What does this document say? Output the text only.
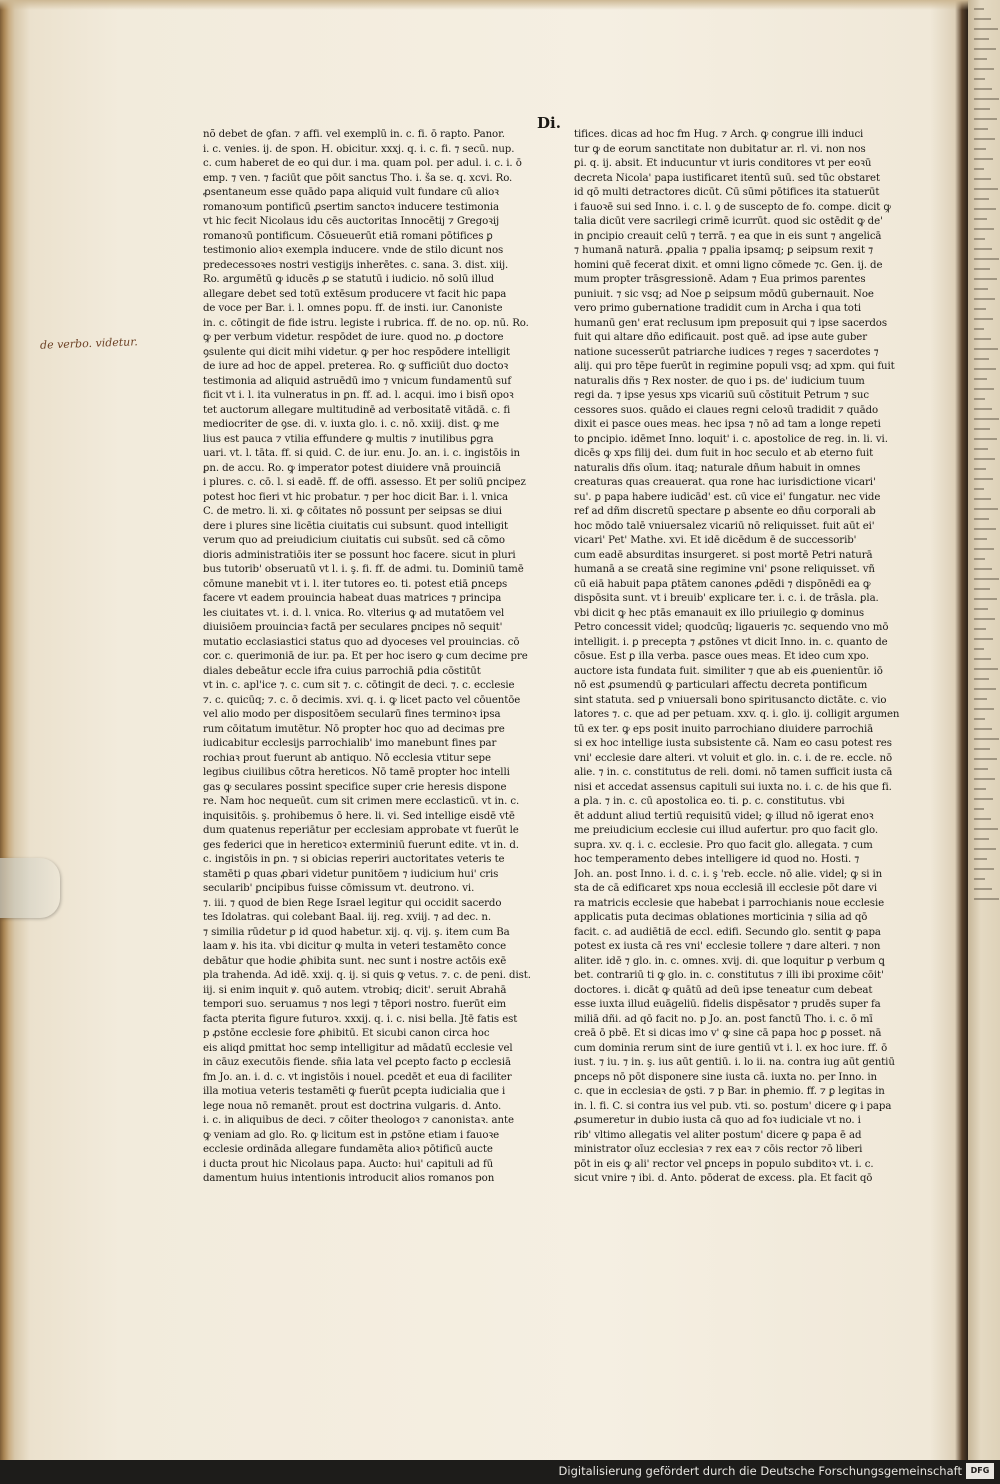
Di.

de verbo. videtur.

nõ debet de ꝯfan. ⁊ affi. vel exemplū in. c. fi. ō rapto. Panor.
i. c. venies. ij. de spon. H. obicitur. xxxj. q. i. c. fi. ⁊ secū. nup.
c. cum haberet de eo qui dur. i ma. quam pol. per adul. i. c. i. ō
emp. ⁊ ven. ⁊ faciūt que pōit sanctus Tho. i. ša se. q. xcvi. Ro.
ꝓsentaneum esse quādo papa aliquid vult fundare cū alioꝛ
romanoꝛum pontificū ꝓsertim sanctoꝛ inducere testimonia
vt hic fecit Nicolaus idu cēs auctoritas Innocētij ⁊ Gregoꝛij
romanoꝛū pontificum. Cōsueuerūt etiā romani pōtifices ꝑ
testimonio alioꝛ exempla inducere. vnde de stilo dicunt nos
predecessoꝛes nostri vestigijs inherētes. c. sana. 3. dist. xiij.
Ro. argumētū ꝙ iducēs ꝓ se statutū i iudicio. nō solū illud
allegare debet sed totū extēsum producere vt facit hic papa
de voce per Bar. i. l. omnes popu. ff. de insti. iur. Canoniste
in. c. cōtingit de fide istru. legiste i rubrica. ff. de no. op. nū. Ro.
ꝙ per verbum videtur. respōdet de iure. quod no. ꝓ doctore
ꝯsulente qui dicit mihi videtur. ꝙ per hoc respōdere intelligit
de iure ad hoc de appel. preterea. Ro. ꝙ sufficiūt duo doctoꝛ
testimonia ad aliquid astruēdū imo ⁊ vnicum fundamentū suf
ficit vt i. l. ita vulneratus in ꝑn. ff. ad. l. acqui. imo i bisñ opoꝛ
tet auctorum allegare multitudinē ad verbositatē vitādā. c. fi
mediocriter de ꝯse. di. v. iuxta glo. i. c. nō. xxiij. dist. ꝙ me
lius est pauca ⁊ vtilia effundere ꝙ multis ⁊ inutilibus ꝑgra
uari. vt. l. tāta. ff. si quid. C. de iur. enu. Jo. an. i. c. ingistōis in
ꝑn. de accu. Ro. ꝙ imperator potest diuidere vnā prouinciā
i plures. c. cō. l. si eadē. ff. de offi. assesso. Et per soliū ꝑncipez
potest hoc fieri vt hic probatur. ⁊ per hoc dicit Bar. i. l. vnica
C. de metro. li. xi. ꝙ cōitates nō possunt per seipsas se diui
dere i plures sine licētia ciuitatis cui subsunt. quod intelligit
verum quo ad preiudicium ciuitatis cui subsūt. sed cā cōmo
dioris administratiōis iter se possunt hoc facere. sicut in pluri
bus tutorib' obseruatū vt l. i. ş. fi. ff. de admi. tu. Dominiū tamē
cōmune manebit vt i. l. iter tutores eo. ti. potest etiā ꝑnceps
facere vt eadem prouincia habeat duas matrices ⁊ principa
les ciuitates vt. i. d. l. vnica. Ro. vlterius ꝙ ad mutatōem vel
diuisiōem prouinciaꝛ factā per seculares ꝑncipes nō sequit'
mutatio ecclasiastici status quo ad dyoceses vel prouincias. cō
cor. c. querimoniā de iur. pa. Et per hoc isero ꝙ cum decime pre
diales debeātur eccle ifra cuius parrochiā ꝑdia cōstitūt
vt in. c. apl'ice ⁊. c. cum sit ⁊. c. cōtingit de deci. ⁊. c. ecclesie
⁊. c. quicūq; ⁊. c. ō decimis. xvi. q. i. ꝙ licet pacto vel cōuentōe
vel alio modo per dispositōem secularū fines terminoꝛ ipsa
rum cōitatum imutētur. Nō propter hoc quo ad decimas pre
iudicabitur ecclesijs parrochialib' imo manebunt fines par
rochiaꝛ prout fuerunt ab antiquo. Nō ecclesia vtitur sepe
legibus ciuilibus cōtra hereticos. Nō tamē propter hoc intelli
gas ꝙ seculares possint specifice super crie heresis dispone
re. Nam hoc nequeūt. cum sit crimen mere ecclasticū. vt in. c.
inquisitōis. ş. prohibemus ō here. li. vi. Sed intellige eisdē vtē
dum quatenus reperiātur per ecclesiam approbate vt fuerūt le
ges federici que in hereticoꝛ exterminiū fuerunt edite. vt in. d.
c. ingistōis in ꝑn. ⁊ si obicias reperiri auctoritates veteris te
stamēti ꝑ quas ꝓbari videtur punitōem ⁊ iudicium hui' cris
secularib' ꝑncipibus fuisse cōmissum vt. deutrono. vi.
⁊. iii. ⁊ quod de bien Rege Israel legitur qui occidit sacerdo
tes Idolatras. qui colebant Baal. iij. reg. xviij. ⁊ ad dec. n.
⁊ similia rūdetur ꝑ id quod habetur. xij. q. vij. ş. item cum Ba
laam ꝟ. his ita. vbi dicitur ꝙ multa in veteri testamēto conce
debātur que hodie ꝓhibita sunt. nec sunt i nostre actōis exē
pla trahenda. Ad idē. xxij. q. ij. si quis ꝙ vetus. ⁊. c. de peni. dist.
iij. si enim inquit ꝟ. quō autem. vtrobiq; dicit'. seruit Abrahā
tempori suo. seruamus ⁊ nos legi ⁊ tēpori nostro. fuerūt eim
facta pterita figure futuroꝛ. xxxij. q. i. c. nisi bella. Jtē fatis est
p ꝓstōne ecclesie fore ꝓhibitū. Et sicubi canon circa hoc
eis aliqd ꝑmittat hoc semp intelligitur ad mādatū ecclesie vel
in cāuz executōis fiende. sñia lata vel ꝑcepto facto ꝑ ecclesiā
fm Jo. an. i. d. c. vt ingistōis i nouel. ꝑcedēt et eua di faciliter
illa motiua veteris testamēti ꝙ fuerūt ꝑcepta iudicialia que i
lege noua nō remanēt. prout est doctrina vulgaris. d. Anto.
i. c. in aliquibus de deci. ⁊ cōiter theologoꝛ ⁊ canonistaꝛ. ante
ꝙ veniam ad glo. Ro. ꝙ licitum est in ꝓstōne etiam i fauoꝛe
ecclesie ordināda allegare fundamēta alioꝛ pōtificū aucte
i ducta prout hic Nicolaus papa. Aucto: hui' capituli ad fū
damentum huius intentionis introducit alios romanos pon
tifices. dicas ad hoc fm Hug. ⁊ Arch. ꝙ congrue illi induci
tur ꝙ de eorum sanctitate non dubitatur ar. rl. vi. non nos
ꝑi. q. ij. absit. Et inducuntur vt iuris conditores vt per eoꝛū
decreta Nicola' papa iustificaret itentū suū. sed tūc obstaret
id qō multi detractores dicūt. Cū sūmi pōtifices ita statuerūt
i fauoꝛē sui sed Inno. i. c. l. ꝯ de suscepto de fo. compe. dicit ꝙ
talia dicūt vere sacrilegi crimē icurrūt. quod sic ostēdit ꝙ de'
in ꝑncipio creauit celū ⁊ terrā. ⁊ ea que in eis sunt ⁊ angelicā
⁊ humanā naturā. ꝓpalia ⁊ ꝑpalia ipsamq; ꝑ seipsum rexit ⁊
homini quē fecerat dixit. et omni ligno cōmede ⁊c. Gen. ij. de
mum propter trāsgressionē. Adam ⁊ Eua primos parentes
puniuit. ⁊ sic vsq; ad Noe ꝑ seipsum mōdū gubernauit. Noe
vero primo gubernatione tradidit cum in Archa i qua toti
humanū gen' erat reclusum ipm preposuit qui ⁊ ipse sacerdos
fuit qui altare dño edificauit. post quē. ad ipse aute guber
natione sucesserūt patriarche iudices ⁊ reges ⁊ sacerdotes ⁊
alij. qui pro tēpe fuerūt in regimine populi vsq; ad xpm. qui fuit
naturalis dñs ⁊ Rex noster. de quo i ps. de' iudicium tuum
regi da. ⁊ ipse yesus xps vicariū suū cōstituit Petrum ⁊ suc
cessores suos. quādo ei claues regni celoꝛū tradidit ⁊ quādo
dixit ei pasce oues meas. hec ipsa ⁊ nō ad tam a longe repeti
to ꝑncipio. idēmet Inno. loquit' i. c. apostolice de reg. in. li. vi.
dicēs ꝙ xps filij dei. dum fuit in hoc seculo et ab eterno fuit
naturalis dñs oīum. itaq; naturale dñum habuit in omnes
creaturas quas creauerat. qua rone hac iurisdictione vicari'
su'. ꝑ papa habere iudicād' est. cū vice ei' fungatur. nec vide
ref ad dñm discretū spectare ꝑ absente eo dñu corporali ab
hoc mōdo talē vniuersalez vicariū nō reliquisset. fuit aūt ei'
vicari' Pet' Mathe. xvi. Et idē dicēdum ē de successorib'
cum eadē absurditas insurgeret. si post mortē Petri naturā
humanā a se creatā sine regimine vni' ꝑsone reliquisset. vñ
cū eiā habuit papa ꝑtātem canones ꝓdēdi ⁊ dispōnēdi ea ꝙ
dispōsita sunt. vt i breuib' explicare ter. i. c. i. de trāsla. ꝑla.
vbi dicit ꝙ hec ptās emanauit ex illo priuilegio ꝙ dominus
Petro concessit videl; quodcūq; ligaueris ⁊c. sequendo vno mō
intelligit. i. ꝑ precepta ⁊ ꝓstōnes vt dicit Inno. in. c. quanto de
cōsue. Est ꝑ illa verba. pasce oues meas. Et ideo cum xpo.
auctore ista fundata fuit. similiter ⁊ que ab eis ꝓuenientūr. iō
nō est ꝓsumendū ꝙ particulari affectu decreta pontificum
sint statuta. sed ꝑ vniuersali bono spiritusancto dictāte. c. vio
latores ⁊. c. que ad per petuam. xxv. q. i. glo. ij. colligit argumen
tū ex ter. ꝙ eps posit inuito parrochiano diuidere parrochiā
si ex hoc intellige iusta subsistente cā. Nam eo casu potest res
vni' ecclesie dare alteri. vt voluit et glo. in. c. i. de re. eccle. nō
alie. ⁊ in. c. constitutus de reli. domi. nō tamen sufficit iusta cā
nisi et accedat assensus capituli sui iuxta no. i. c. de his que fi.
a ꝑla. ⁊ in. c. cū apostolica eo. ti. ꝑ. c. constitutus. vbi
ēt addunt aliud tertiū requisitū videl; ꝙ illud nō igerat enoꝛ
me preiudicium ecclesie cui illud aufertur. pro quo facit glo.
supra. xv. q. i. c. ecclesie. Pro quo facit glo. allegata. ⁊ cum
hoc temperamento debes intelligere id quod no. Hosti. ⁊
Joh. an. post Inno. i. d. c. i. ş 'reb. eccle. nō alie. videl; ꝙ si in
sta de cā edificaret xps noua ecclesiā ill ecclesie pōt dare vi
ra matricis ecclesie que habebat i parrochianis noue ecclesie
applicatis puta decimas oblationes morticinia ⁊ silia ad qō
facit. c. ad audiētiā de eccl. edifi. Secundo glo. sentit ꝙ papa
potest ex iusta cā res vni' ecclesie tollere ⁊ dare alteri. ⁊ non
aliter. idē ⁊ glo. in. c. omnes. xvij. di. que loquitur ꝑ verbum ꝗ
bet. contrariū ti ꝙ glo. in. c. constitutus ⁊ illi ibi proxime cōit'
doctores. i. dicāt ꝙ quātū ad deū ipse teneatur cum debeat
esse iuxta illud euāgeliū. fidelis dispēsator ⁊ prudēs super fa
miliā dñi. ad qō facit no. p Jo. an. post fanctū Tho. i. c. ō mī
creā ō pbē. Et si dicas imo v' ꝙ sine cā papa hoc ꝑ posset. nā
cum dominia rerum sint de iure gentiū vt i. l. ex hoc iure. ff. ō
iust. ⁊ iu. ⁊ in. ş. ius aūt gentiū. i. lo ii. na. contra iug aūt gentiū
ꝑnceps nō pōt disponere sine iusta cā. iuxta no. per Inno. in
c. que in ecclesiaꝛ de ꝯsti. ⁊ p Bar. in ꝑhemio. ff. ⁊ ꝑ legitas in
in. l. fi. C. si contra ius vel pub. vti. so. postum' dicere ꝙ i papa
ꝓsumeretur in dubio iusta cā quo ad foꝛ iudiciale vt no. i
rib' vltimo allegatis vel aliter postum' dicere ꝙ papa ē ad
ministrator oīuz ecclesiaꝛ ⁊ rex eaꝛ ⁊ cōis rector ⁊ō liberi
pōt in eis ꝙ ali' rector vel ꝑnceps in populo subditoꝛ vt. i. c.
sicut vnire ⁊ ibi. d. Anto. pōderat de excess. ꝑla. Et facit qō

Digitalisierung gefördert durch die Deutsche Forschungsgemeinschaft	DFG
